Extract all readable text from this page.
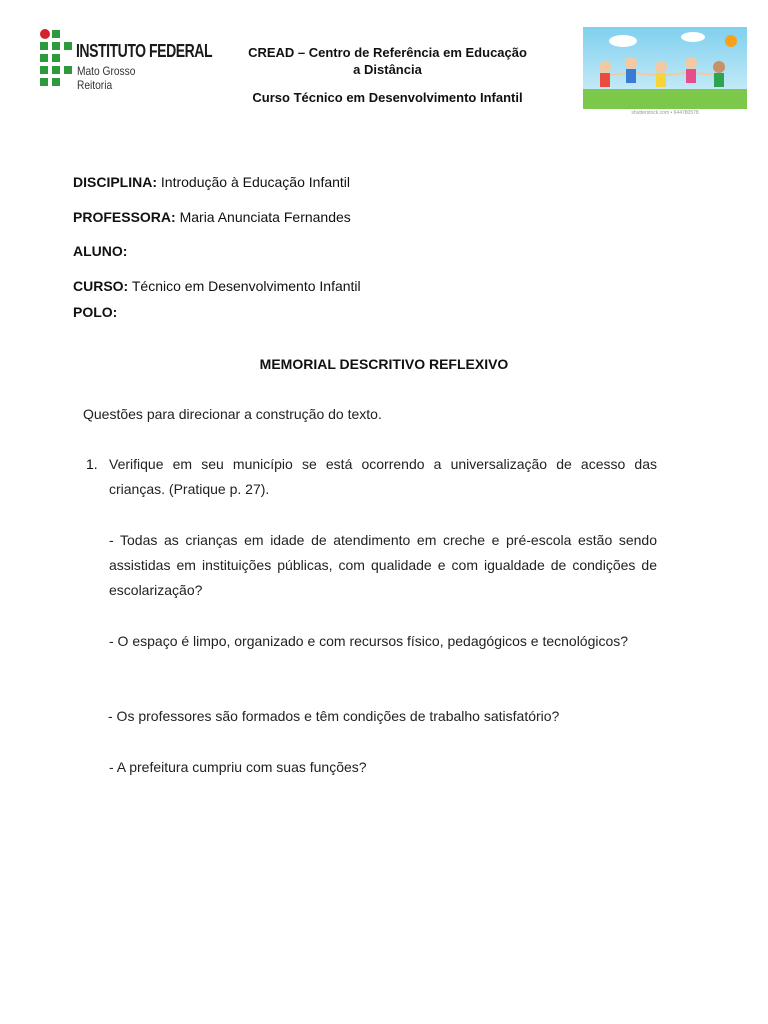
INSTITUTO FEDERAL
Mato Grosso
Reitoria
CREAD – Centro de Referência em Educação
a Distância
Curso Técnico em Desenvolvimento Infantil
shutterstock.com • 644780578
DISCIPLINA: Introdução à Educação Infantil
PROFESSORA: Maria Anunciata Fernandes
ALUNO:
CURSO: Técnico em Desenvolvimento Infantil
POLO:
MEMORIAL DESCRITIVO REFLEXIVO
Questões para direcionar a construção do texto.
1. Verifique em seu município se está ocorrendo a universalização de acesso das crianças. (Pratique p. 27).
- Todas as crianças em idade de atendimento em creche e pré-escola estão sendo assistidas em instituições públicas, com qualidade e com igualdade de condições de escolarização?
- O espaço é limpo, organizado e com recursos físico, pedagógicos e tecnológicos?
- Os professores são formados e têm condições de trabalho satisfatório?
- A prefeitura cumpriu com suas funções?
